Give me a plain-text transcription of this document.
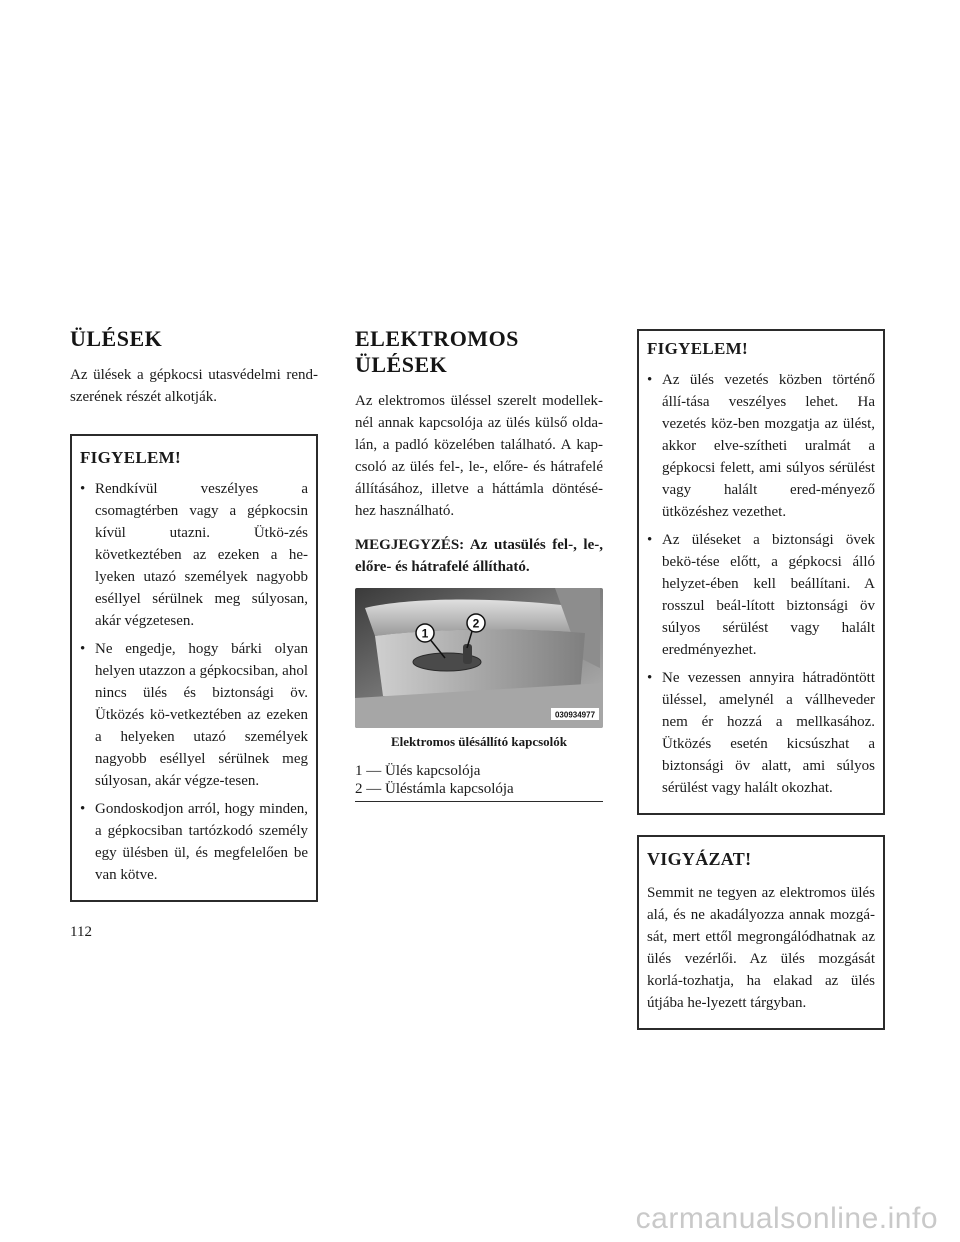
ÜLÉSEK

Az ülések a gépkocsi utasvédelmi rend-szerének részét alkotják.

FIGYELEM!
• Rendkívül veszélyes a csomagtérben vagy a gépkocsin kívül utazni. Ütkö-zés következtében az ezeken a he-lyeken utazó személyek nagyobb eséllyel sérülnek meg súlyosan, akár végzetesen.
• Ne engedje, hogy bárki olyan helyen utazzon a gépkocsiban, ahol nincs ülés és biztonsági öv. Ütközés kö-vetkeztében az ezeken a helyeken utazó személyek nagyobb eséllyel sérülnek meg súlyosan, akár végze-tesen.
• Gondoskodjon arról, hogy minden, a gépkocsiban tartózkodó személy egy ülésben ül, és megfelelően be van kötve.
ELEKTROMOS ÜLÉSEK

Az elektromos üléssel szerelt modellek-nél annak kapcsolója az ülés külső olda-lán, a padló közelében található. A kap-csoló az ülés fel-, le-, előre- és hátrafelé állításához, illetve a háttámla döntésé-hez használható.

MEGJEGYZÉS: Az utasülés fel-, le-, előre- és hátrafelé állítható.
1
2
030934977
Elektromos ülésállító kapcsolók
1 — Ülés kapcsolója
2 — Üléstámla kapcsolója
FIGYELEM!
• Az ülés vezetés közben történő állí-tása veszélyes lehet. Ha vezetés köz-ben mozgatja az ülést, akkor elve-szítheti uralmát a gépkocsi felett, ami súlyos sérülést vagy halált ered-ményező ütközéshez vezethet.
• Az üléseket a biztonsági övek bekö-tése előtt, a gépkocsi álló helyzet-ében kell beállítani. A rosszul beál-lított biztonsági öv súlyos sérülést vagy halált eredményezhet.
• Ne vezessen annyira hátradöntött üléssel, amelynél a vállheveder nem ér hozzá a mellkasához. Ütközés esetén kicsúszhat a biztonsági öv alatt, ami súlyos sérülést vagy halált okozhat.
VIGYÁZAT!

Semmit ne tegyen az elektromos ülés alá, és ne akadályozza annak mozgá-sát, mert ettől megrongálódhatnak az ülés vezérlői. Az ülés mozgását korlá-tozhatja, ha elakad az ülés útjába he-lyezett tárgyban.

112
carmanualsonline.info
